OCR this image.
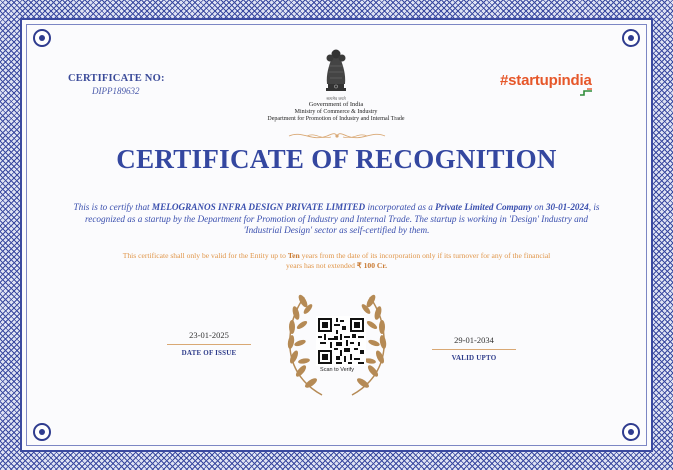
CERTIFICATE NO:
DIPP189632
सत्यमेव जयते
Government of India
Ministry of Commerce & Industry
Department for Promotion of Industry and Internal Trade
#startupindia
CERTIFICATE OF RECOGNITION
This is to certify that MELOGRANOS INFRA DESIGN PRIVATE LIMITED incorporated as a Private Limited Company on 30-01-2024, is recognized as a startup by the Department for Promotion of Industry and Internal Trade. The startup is working in 'Design' Industry and 'Industrial Design' sector as self-certified by them.
This certificate shall only be valid for the Entity up to Ten years from the date of its incorporation only if its turnover for any of the financial years has not extended ₹ 100 Cr.
Scan to Verify
23-01-2025
DATE OF ISSUE
29-01-2034
VALID UPTO
